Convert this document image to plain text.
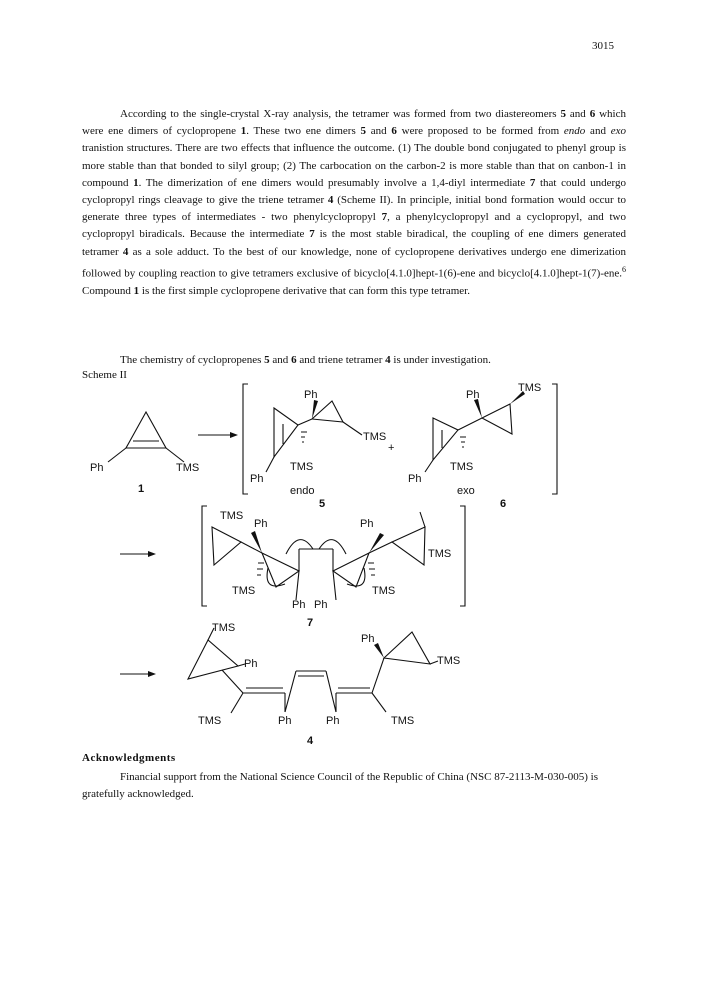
3015

According to the single-crystal X-ray analysis, the tetramer was formed from two diastereomers 5 and 6 which were ene dimers of cyclopropene 1. These two ene dimers 5 and 6 were proposed to be formed from endo and exo tranistion structures. There are two effects that influence the outcome. (1) The double bond conjugated to phenyl group is more stable than that bonded to silyl group; (2) The carbocation on the carbon-2 is more stable than that on canbon-1 in compound 1. The dimerization of ene dimers would presumably involve a 1,4-diyl intermediate 7 that could undergo cyclopropyl rings cleavage to give the triene tetramer 4 (Scheme II). In principle, initial bond formation would occur to generate three types of intermediates - two phenylcyclopropyl 7, a phenylcyclopropyl and a cyclopropyl, and two cyclopropyl biradicals. Because the intermediate 7 is the most stable biradical, the coupling of ene dimers generated tetramer 4 as a sole adduct. To the best of our knowledge, none of cyclopropene derivatives undergo ene dimerization followed by coupling reaction to give tetramers exclusive of bicyclo[4.1.0]hept-1(6)-ene and bicyclo[4.1.0]hept-1(7)-ene.$^6$ Compound 1 is the first simple cyclopropene derivative that can form this type tetramer.

The chemistry of cyclopropenes 5 and 6 and triene tetramer 4 is under investigation.

Scheme II
Ph	TMS
1
Ph
TMS
TMS
Ph
endo
5
+
Ph
TMS
TMS
Ph
exo
6
TMS
Ph	Ph
TMS
TMS	TMS
Ph Ph
7
TMS
Ph
Ph
TMS
TMS	Ph	Ph	TMS
4
Acknowledgments

Financial support from the National Science Council of the Republic of China (NSC 87-2113-M-030-005) is gratefully acknowledged.
